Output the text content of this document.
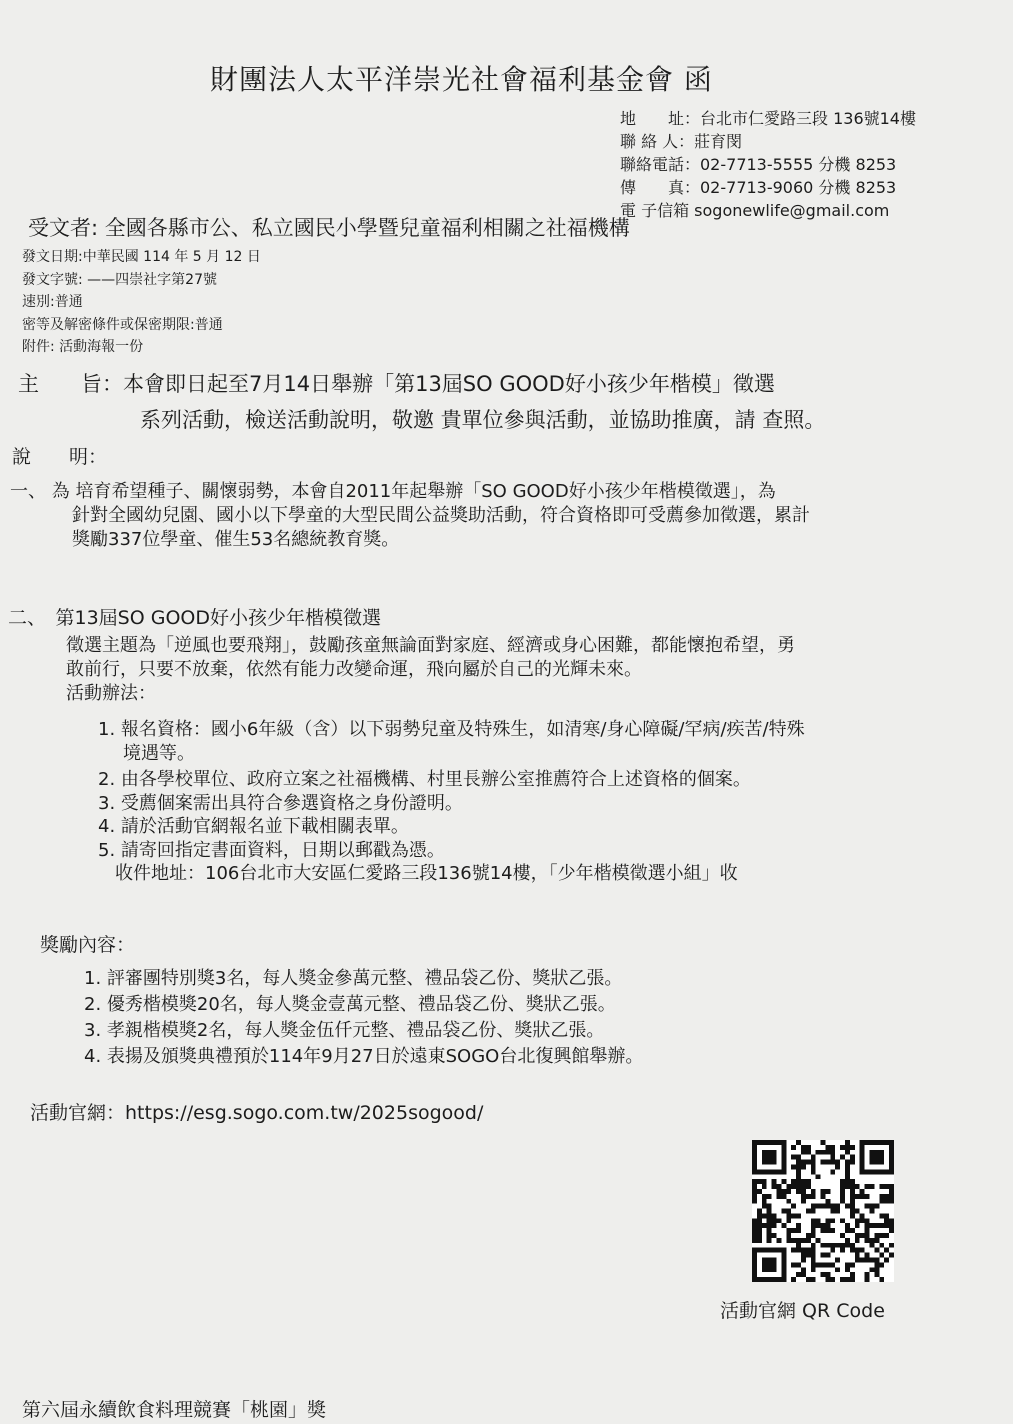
財團法人太平洋崇光社會福利基金會 函
地　　址：台北市仁愛路三段 136號14樓
聯 絡 人：莊育閔
聯絡電話：02-7713-5555 分機 8253
傳　　真：02-7713-9060 分機 8253
電 子信箱 sogonewlife@gmail.com
受文者: 全國各縣市公、私立國民小學暨兒童福利相關之社福機構
發文日期:中華民國 114 年 5 月 12 日
發文字號: ——四崇社字第27號
速別:普通
密等及解密條件或保密期限:普通
附件: 活動海報一份
主　　旨：本會即日起至7月14日舉辦「第13屆SO GOOD好小孩少年楷模」徵選
系列活動，檢送活動說明，敬邀 貴單位參與活動，並協助推廣，請 查照。
說　　明：
一、 為 培育希望種子、關懷弱勢，本會自2011年起舉辦「SO GOOD好小孩少年楷模徵選」，為
針對全國幼兒園、國小以下學童的大型民間公益獎助活動，符合資格即可受薦參加徵選，累計
獎勵337位學童、催生53名總統教育獎。
二、　第13屆SO GOOD好小孩少年楷模徵選
徵選主題為「逆風也要飛翔」，鼓勵孩童無論面對家庭、經濟或身心困難，都能懷抱希望，勇
敢前行，只要不放棄，依然有能力改變命運，飛向屬於自己的光輝未來。
活動辦法：
1. 報名資格：國小6年級（含）以下弱勢兒童及特殊生，如清寒/身心障礙/罕病/疾苦/特殊
境遇等。
2. 由各學校單位、政府立案之社福機構、村里長辦公室推薦符合上述資格的個案。
3. 受薦個案需出具符合參選資格之身份證明。
4. 請於活動官網報名並下載相關表單。
5. 請寄回指定書面資料，日期以郵戳為憑。
收件地址：106台北市大安區仁愛路三段136號14樓，「少年楷模徵選小組」收
獎勵內容：
1. 評審團特別獎3名，每人獎金參萬元整、禮品袋乙份、獎狀乙張。
2. 優秀楷模獎20名，每人獎金壹萬元整、禮品袋乙份、獎狀乙張。
3. 孝親楷模獎2名，每人獎金伍仟元整、禮品袋乙份、獎狀乙張。
4. 表揚及頒獎典禮預於114年9月27日於遠東SOGO台北復興館舉辦。
活動官網：https://esg.sogo.com.tw/2025sogood/
活動官網 QR Code
第六屆永續飲食料理競賽「桃園」獎
